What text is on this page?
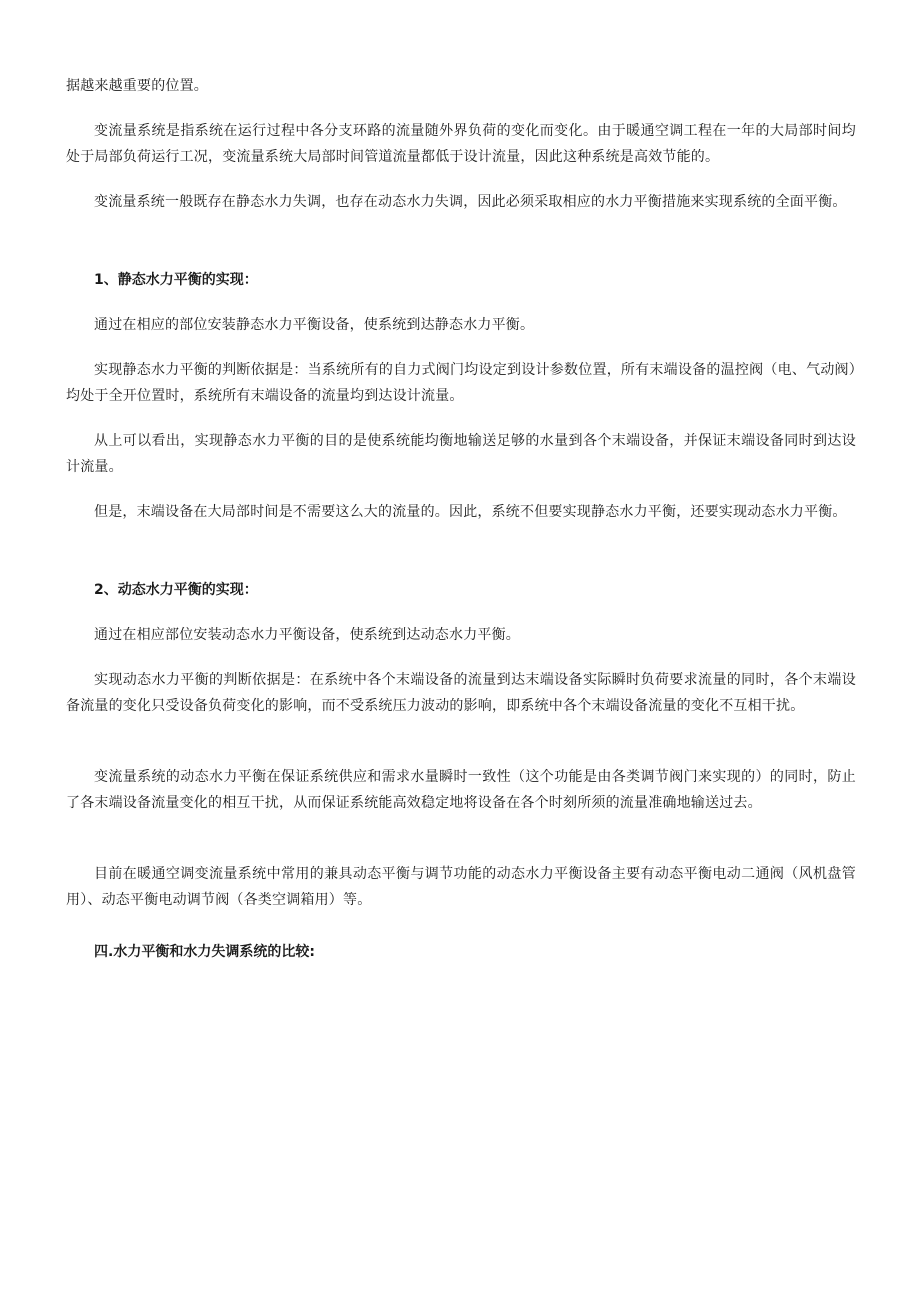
据越来越重要的位置。

变流量系统是指系统在运行过程中各分支环路的流量随外界负荷的变化而变化。由于暖通空调工程在一年的大局部时间均处于局部负荷运行工况，变流量系统大局部时间管道流量都低于设计流量，因此这种系统是高效节能的。

变流量系统一般既存在静态水力失调，也存在动态水力失调，因此必须采取相应的水力平衡措施来实现系统的全面平衡。

1、静态水力平衡的实现：

通过在相应的部位安装静态水力平衡设备，使系统到达静态水力平衡。

实现静态水力平衡的判断依据是：当系统所有的自力式阀门均设定到设计参数位置，所有末端设备的温控阀（电、气动阀）均处于全开位置时，系统所有末端设备的流量均到达设计流量。

从上可以看出，实现静态水力平衡的目的是使系统能均衡地输送足够的水量到各个末端设备，并保证末端设备同时到达设计流量。

但是，末端设备在大局部时间是不需要这么大的流量的。因此，系统不但要实现静态水力平衡，还要实现动态水力平衡。

2、动态水力平衡的实现：

通过在相应部位安装动态水力平衡设备，使系统到达动态水力平衡。

实现动态水力平衡的判断依据是：在系统中各个末端设备的流量到达末端设备实际瞬时负荷要求流量的同时，各个末端设备流量的变化只受设备负荷变化的影响，而不受系统压力波动的影响，即系统中各个末端设备流量的变化不互相干扰。

变流量系统的动态水力平衡在保证系统供应和需求水量瞬时一致性（这个功能是由各类调节阀门来实现的）的同时，防止了各末端设备流量变化的相互干扰，从而保证系统能高效稳定地将设备在各个时刻所须的流量准确地输送过去。

目前在暖通空调变流量系统中常用的兼具动态平衡与调节功能的动态水力平衡设备主要有动态平衡电动二通阀（风机盘管用）、动态平衡电动调节阀（各类空调箱用）等。

四.水力平衡和水力失调系统的比较:
